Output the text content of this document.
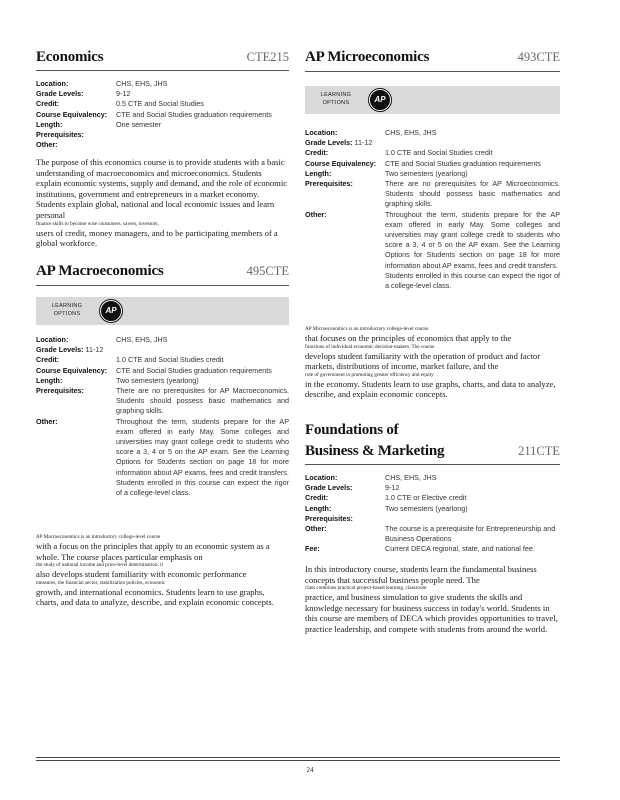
Economics	CTE215
Location:	CHS, EHS, JHS
Grade Levels:	9-12
Credit:	0.5 CTE and Social Studies
Course Equivalency:	CTE and Social Studies graduation requirements
Length:	One semester
Prerequisites:
Other:

The purpose of this economics course is to provide students with a basic understanding of macroeconomics and microeconomics. Students explain economic systems, supply and demand, and the role of economic institutions, government and entrepreneurs in a market economy. Students explain global, national and local economic issues and learn personal

finance skills to become wise consumers, savers, investors,

users of credit, money managers, and to be participating members of a global workforce.

AP Macroeconomics	495CTE
LEARNING OPTIONS	AP
Location:	CHS, EHS, JHS
Grade Levels: 11-12
Credit:	1.0 CTE and Social Studies credit
Course Equivalency:	CTE and Social Studies graduation requirements
Length:	Two semesters (yearlong)
Prerequisites:	There are no prerequisites for AP Macroeconomics. Students should possess basic mathematics and graphing skills.
Other:	Throughout the term, students prepare for the AP exam offered in early May. Some colleges and universities may grant college credit to students who score a 3, 4 or 5 on the AP exam. See the Learning Options for Students section on page 18 for more information about AP exams, fees and credit transfers.
Students enrolled in this course can expect the rigor of a college-level class.

AP Macroeconomics is an introductory college-level course

with a focus on the principles that apply to an economic system as a whole. The course places particular emphasis on

the study of national income and price-level determination; it

also develops student familiarity with economic performance

measures, the financial sector, stabilization policies, economic

growth, and international economics. Students learn to use graphs, charts, and data to analyze, describe, and explain economic concepts.

AP Microeconomics	493CTE
LEARNING OPTIONS	AP
Location:	CHS, EHS, JHS
Grade Levels: 11-12
Credit:	1.0 CTE and Social Studies credit
Course Equivalency:	CTE and Social Studies graduation requirements
Length:	Two semesters (yearlong)
Prerequisites:	There are no prerequisites for AP Microeconomics. Students should possess basic mathematics and graphing skills.
Other:	Throughout the term, students prepare for the AP exam offered in early May. Some colleges and universities may grant college credit to students who score a 3, 4 or 5 on the AP exam. See the Learning Options for Students section on page 18 for more information about AP exams, fees and credit transfers.
Students enrolled in this course can expect the rigor of a college-level class.

AP Microeconomics is an introductory college-level course

that focuses on the principles of economics that apply to the

functions of individual economic decision-makers. The course

develops student familiarity with the operation of product and factor markets, distributions of income, market failure, and the

role of government in promoting greater efficiency and equity

in the economy. Students learn to use graphs, charts, and data to analyze, describe, and explain economic concepts.

Foundations of
Business & Marketing	211CTE
Location:	CHS, EHS, JHS
Grade Levels:	9-12
Credit:	1.0 CTE or Elective credit
Length:	Two semesters (yearlong)
Prerequisites:
Other:	The course is a prerequisite for Entrepreneurship and Business Operations
Fee:	Current DECA regional, state, and national fee.

In this introductory course, students learn the fundamental business concepts that successful business people need. The

class combines practical project-based learning, classroom

practice, and business simulation to give students the skills and knowledge necessary for business success in today's world. Students in this course are members of DECA which provides opportunities to travel, practice leadership, and compete with students from around the world.

24
